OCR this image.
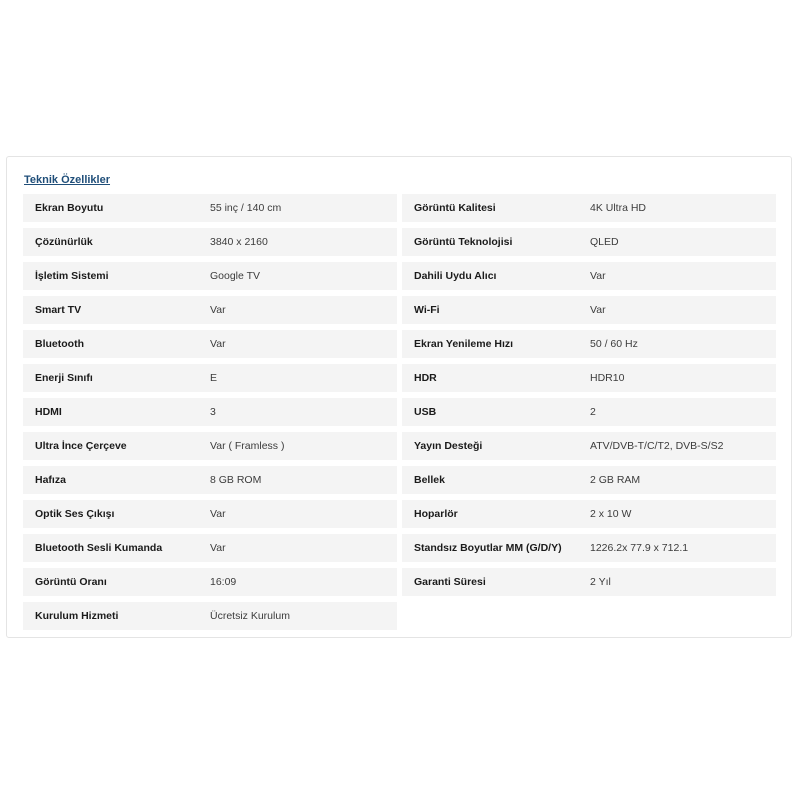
Teknik Özellikler
Ekran Boyutu	55 inç / 140 cm
Çözünürlük	3840 x 2160
İşletim Sistemi	Google TV
Smart TV	Var
Bluetooth	Var
Enerji Sınıfı	E
HDMI	3
Ultra İnce Çerçeve	Var ( Framless )
Hafıza	8 GB ROM
Optik Ses Çıkışı	Var
Bluetooth Sesli Kumanda	Var
Görüntü Oranı	16:09
Kurulum Hizmeti	Ücretsiz Kurulum
Görüntü Kalitesi	4K Ultra HD
Görüntü Teknolojisi	QLED
Dahili Uydu Alıcı	Var
Wi-Fi	Var
Ekran Yenileme Hızı	50 / 60 Hz
HDR	HDR10
USB	2
Yayın Desteği	ATV/DVB-T/C/T2, DVB-S/S2
Bellek	2 GB RAM
Hoparlör	2 x 10 W
Standsız Boyutlar MM (G/D/Y)	1226.2x 77.9 x 712.1
Garanti Süresi	2 Yıl
